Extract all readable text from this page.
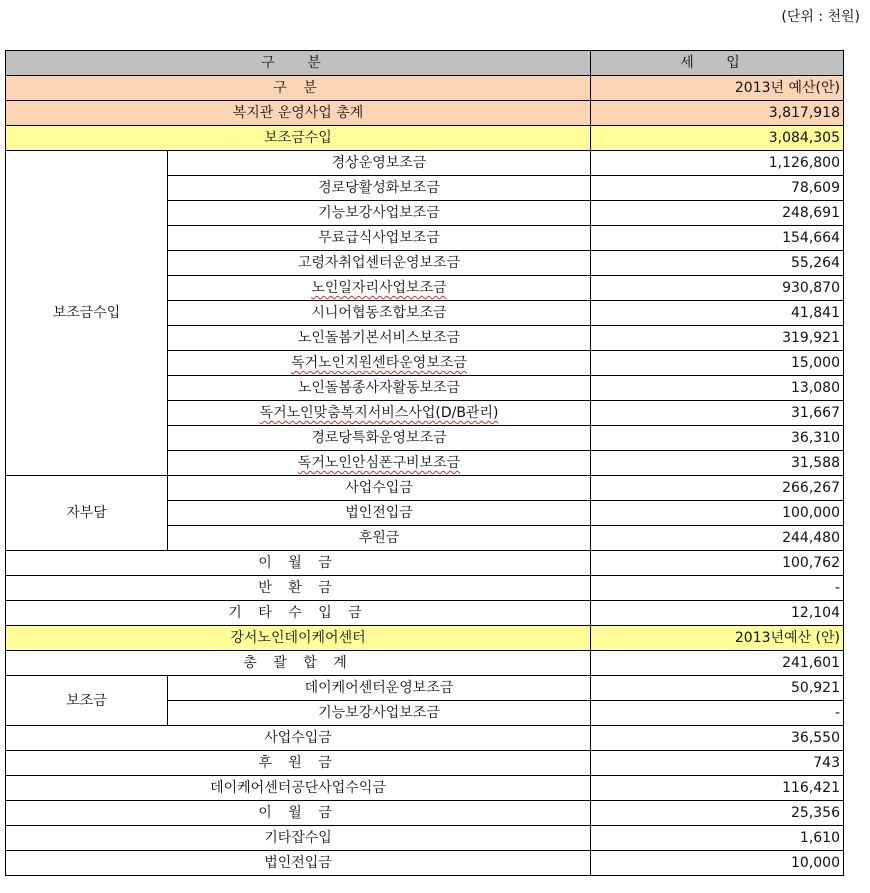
(단위 : 천원)
구 분		세 입
구 분		2013년 예산(안)
복지관 운영사업 총계		3,817,918
보조금수입		3,084,305
보조금수입	경상운영보조금	1,126,800
	경로당활성화보조금	78,609
	기능보강사업보조금	248,691
	무료급식사업보조금	154,664
	고령자취업센터운영보조금	55,264
	노인일자리사업보조금	930,870
	시니어협동조합보조금	41,841
	노인돌봄기본서비스보조금	319,921
	독거노인지원센타운영보조금	15,000
	노인돌봄종사자활동보조금	13,080
	독거노인맞춤복지서비스사업(D/B관리)	31,667
	경로당특화운영보조금	36,310
	독거노인안심폰구비보조금	31,588
자부담	사업수입금	266,267
	법인전입금	100,000
	후원금	244,480
이 월 금		100,762
반 환 금		-
기 타 수 입 금		12,104
강서노인데이케어센터		2013년예산 (안)
총 괄 합 계		241,601
보조금	데이케어센터운영보조금	50,921
	기능보강사업보조금	-
사업수입금		36,550
후 원 금		743
데이케어센터공단사업수익금		116,421
이 월 금		25,356
기타잡수입		1,610
법인전입금		10,000
